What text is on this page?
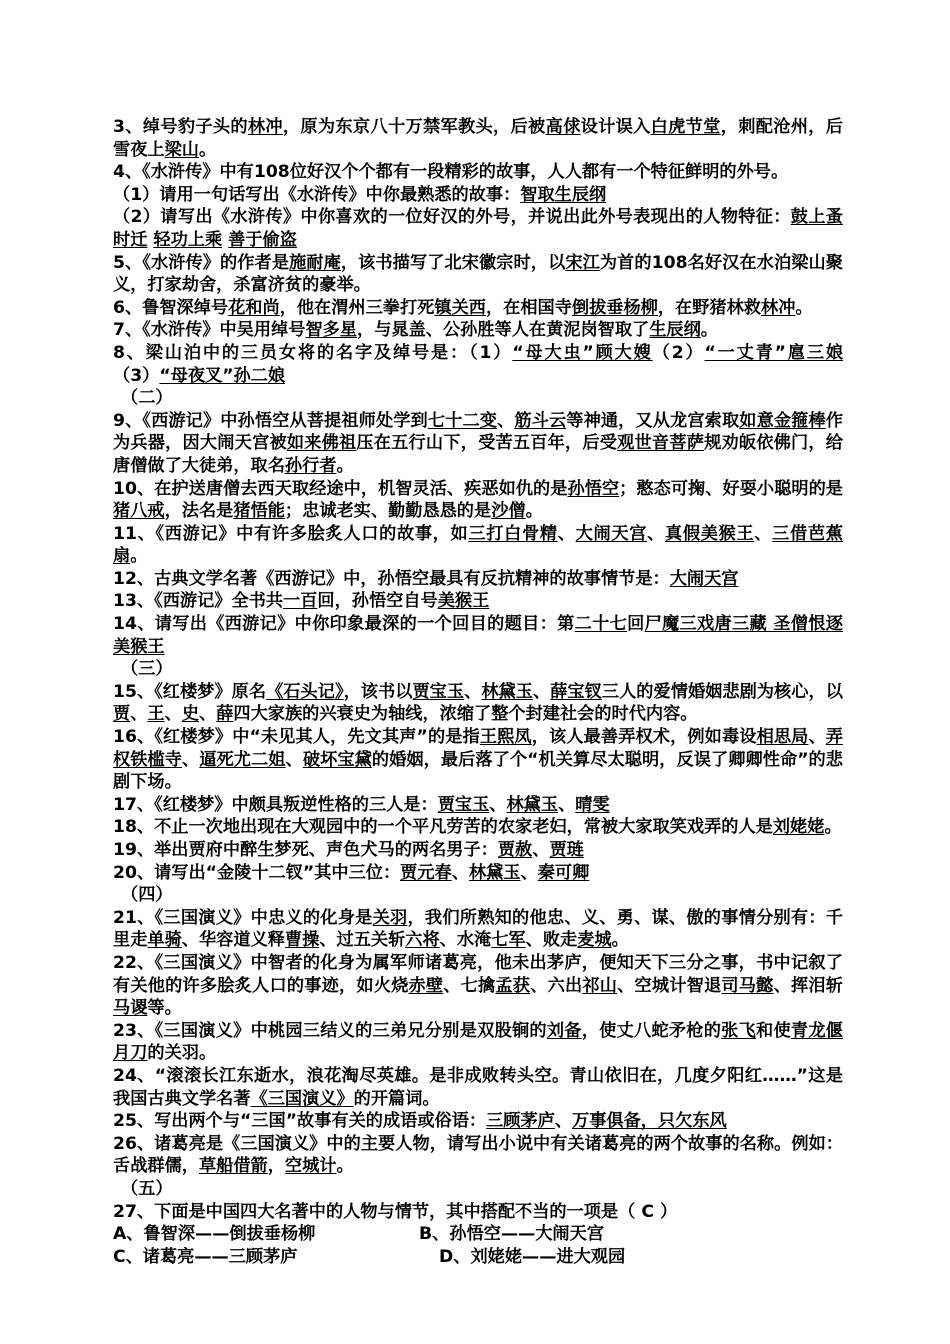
3、绰号豹子头的林冲，原为东京八十万禁军教头，后被高俅设计误入白虎节堂，刺配沧州，后雪夜上梁山。
4、《水浒传》中有108位好汉个个都有一段精彩的故事，人人都有一个特征鲜明的外号。
（1）请用一句话写出《水浒传》中你最熟悉的故事：智取生辰纲
（2）请写出《水浒传》中你喜欢的一位好汉的外号，并说出此外号表现出的人物特征：鼓上蚤时迁 轻功上乘 善于偷盗
5、《水浒传》的作者是施耐庵，该书描写了北宋徽宗时，以宋江为首的108名好汉在水泊梁山聚义，打家劫舍，杀富济贫的豪举。
6、鲁智深绰号花和尚，他在渭州三拳打死镇关西，在相国寺倒拔垂杨柳，在野猪林救林冲。
7、《水浒传》中吴用绰号智多星，与晁盖、公孙胜等人在黄泥岗智取了生辰纲。
8、梁山泊中的三员女将的名字及绰号是：（1）“母大虫”顾大嫂（2）“一丈青”扈三娘（3）“母夜叉”孙二娘
（二）
9、《西游记》中孙悟空从菩提祖师处学到七十二变、筋斗云等神通，又从龙宫索取如意金箍棒作为兵器，因大闹天宫被如来佛祖压在五行山下，受苦五百年，后受观世音菩萨规劝皈依佛门，给唐僧做了大徒弟，取名孙行者。
10、在护送唐僧去西天取经途中，机智灵活、疾恶如仇的是孙悟空；憨态可掬、好耍小聪明的是猪八戒，法名是猪悟能；忠诚老实、勤勤恳恳的是沙僧。
11、《西游记》中有许多脍炙人口的故事，如三打白骨精、大闹天宫、真假美猴王、三借芭蕉扇。
12、古典文学名著《西游记》中，孙悟空最具有反抗精神的故事情节是：大闹天宫
13、《西游记》全书共一百回，孙悟空自号美猴王
14、请写出《西游记》中你印象最深的一个回目的题目：第二十七回尸魔三戏唐三藏 圣僧恨逐美猴王
（三）
15、《红楼梦》原名《石头记》，该书以贾宝玉、林黛玉、薛宝钗三人的爱情婚姻悲剧为核心，以贾、王、史、薛四大家族的兴衰史为轴线，浓缩了整个封建社会的时代内容。
16、《红楼梦》中“未见其人，先文其声”的是指王熙凤，该人最善弄权术，例如毒设相思局、弄权铁槛寺、逼死尤二姐、破坏宝黛的婚姻，最后落了个“机关算尽太聪明，反误了卿卿性命”的悲剧下场。
17、《红楼梦》中颇具叛逆性格的三人是：贾宝玉、林黛玉、晴雯
18、不止一次地出现在大观园中的一个平凡劳苦的农家老妇，常被大家取笑戏弄的人是刘姥姥。
19、举出贾府中醉生梦死、声色犬马的两名男子：贾赦、贾琏
20、请写出“金陵十二钗”其中三位：贾元春、林黛玉、秦可卿
（四）
21、《三国演义》中忠义的化身是关羽，我们所熟知的他忠、义、勇、谋、傲的事情分别有：千里走单骑、华容道义释曹操、过五关斩六将、水淹七军、败走麦城。
22、《三国演义》中智者的化身为属军师诸葛亮，他未出茅庐，便知天下三分之事，书中记叙了有关他的许多脍炙人口的事迹，如火烧赤壁、七擒孟获、六出祁山、空城计智退司马懿、挥泪斩马谡等。
23、《三国演义》中桃园三结义的三弟兄分别是双股锏的刘备，使丈八蛇矛枪的张飞和使青龙偃月刀的关羽。
24、“滚滚长江东逝水，浪花淘尽英雄。是非成败转头空。青山依旧在，几度夕阳红……”这是我国古典文学名著《三国演义》的开篇词。
25、写出两个与“三国”故事有关的成语或俗语：三顾茅庐、万事俱备，只欠东风
26、诸葛亮是《三国演义》中的主要人物，请写出小说中有关诸葛亮的两个故事的名称。例如：舌战群儒，草船借箭，空城计。
（五）
27、下面是中国四大名著中的人物与情节，其中搭配不当的一项是（ C ）
A、鲁智深——倒拔垂杨柳	B、孙悟空——大闹天宫
C、诸葛亮——三顾茅庐	D、刘姥姥——进大观园
